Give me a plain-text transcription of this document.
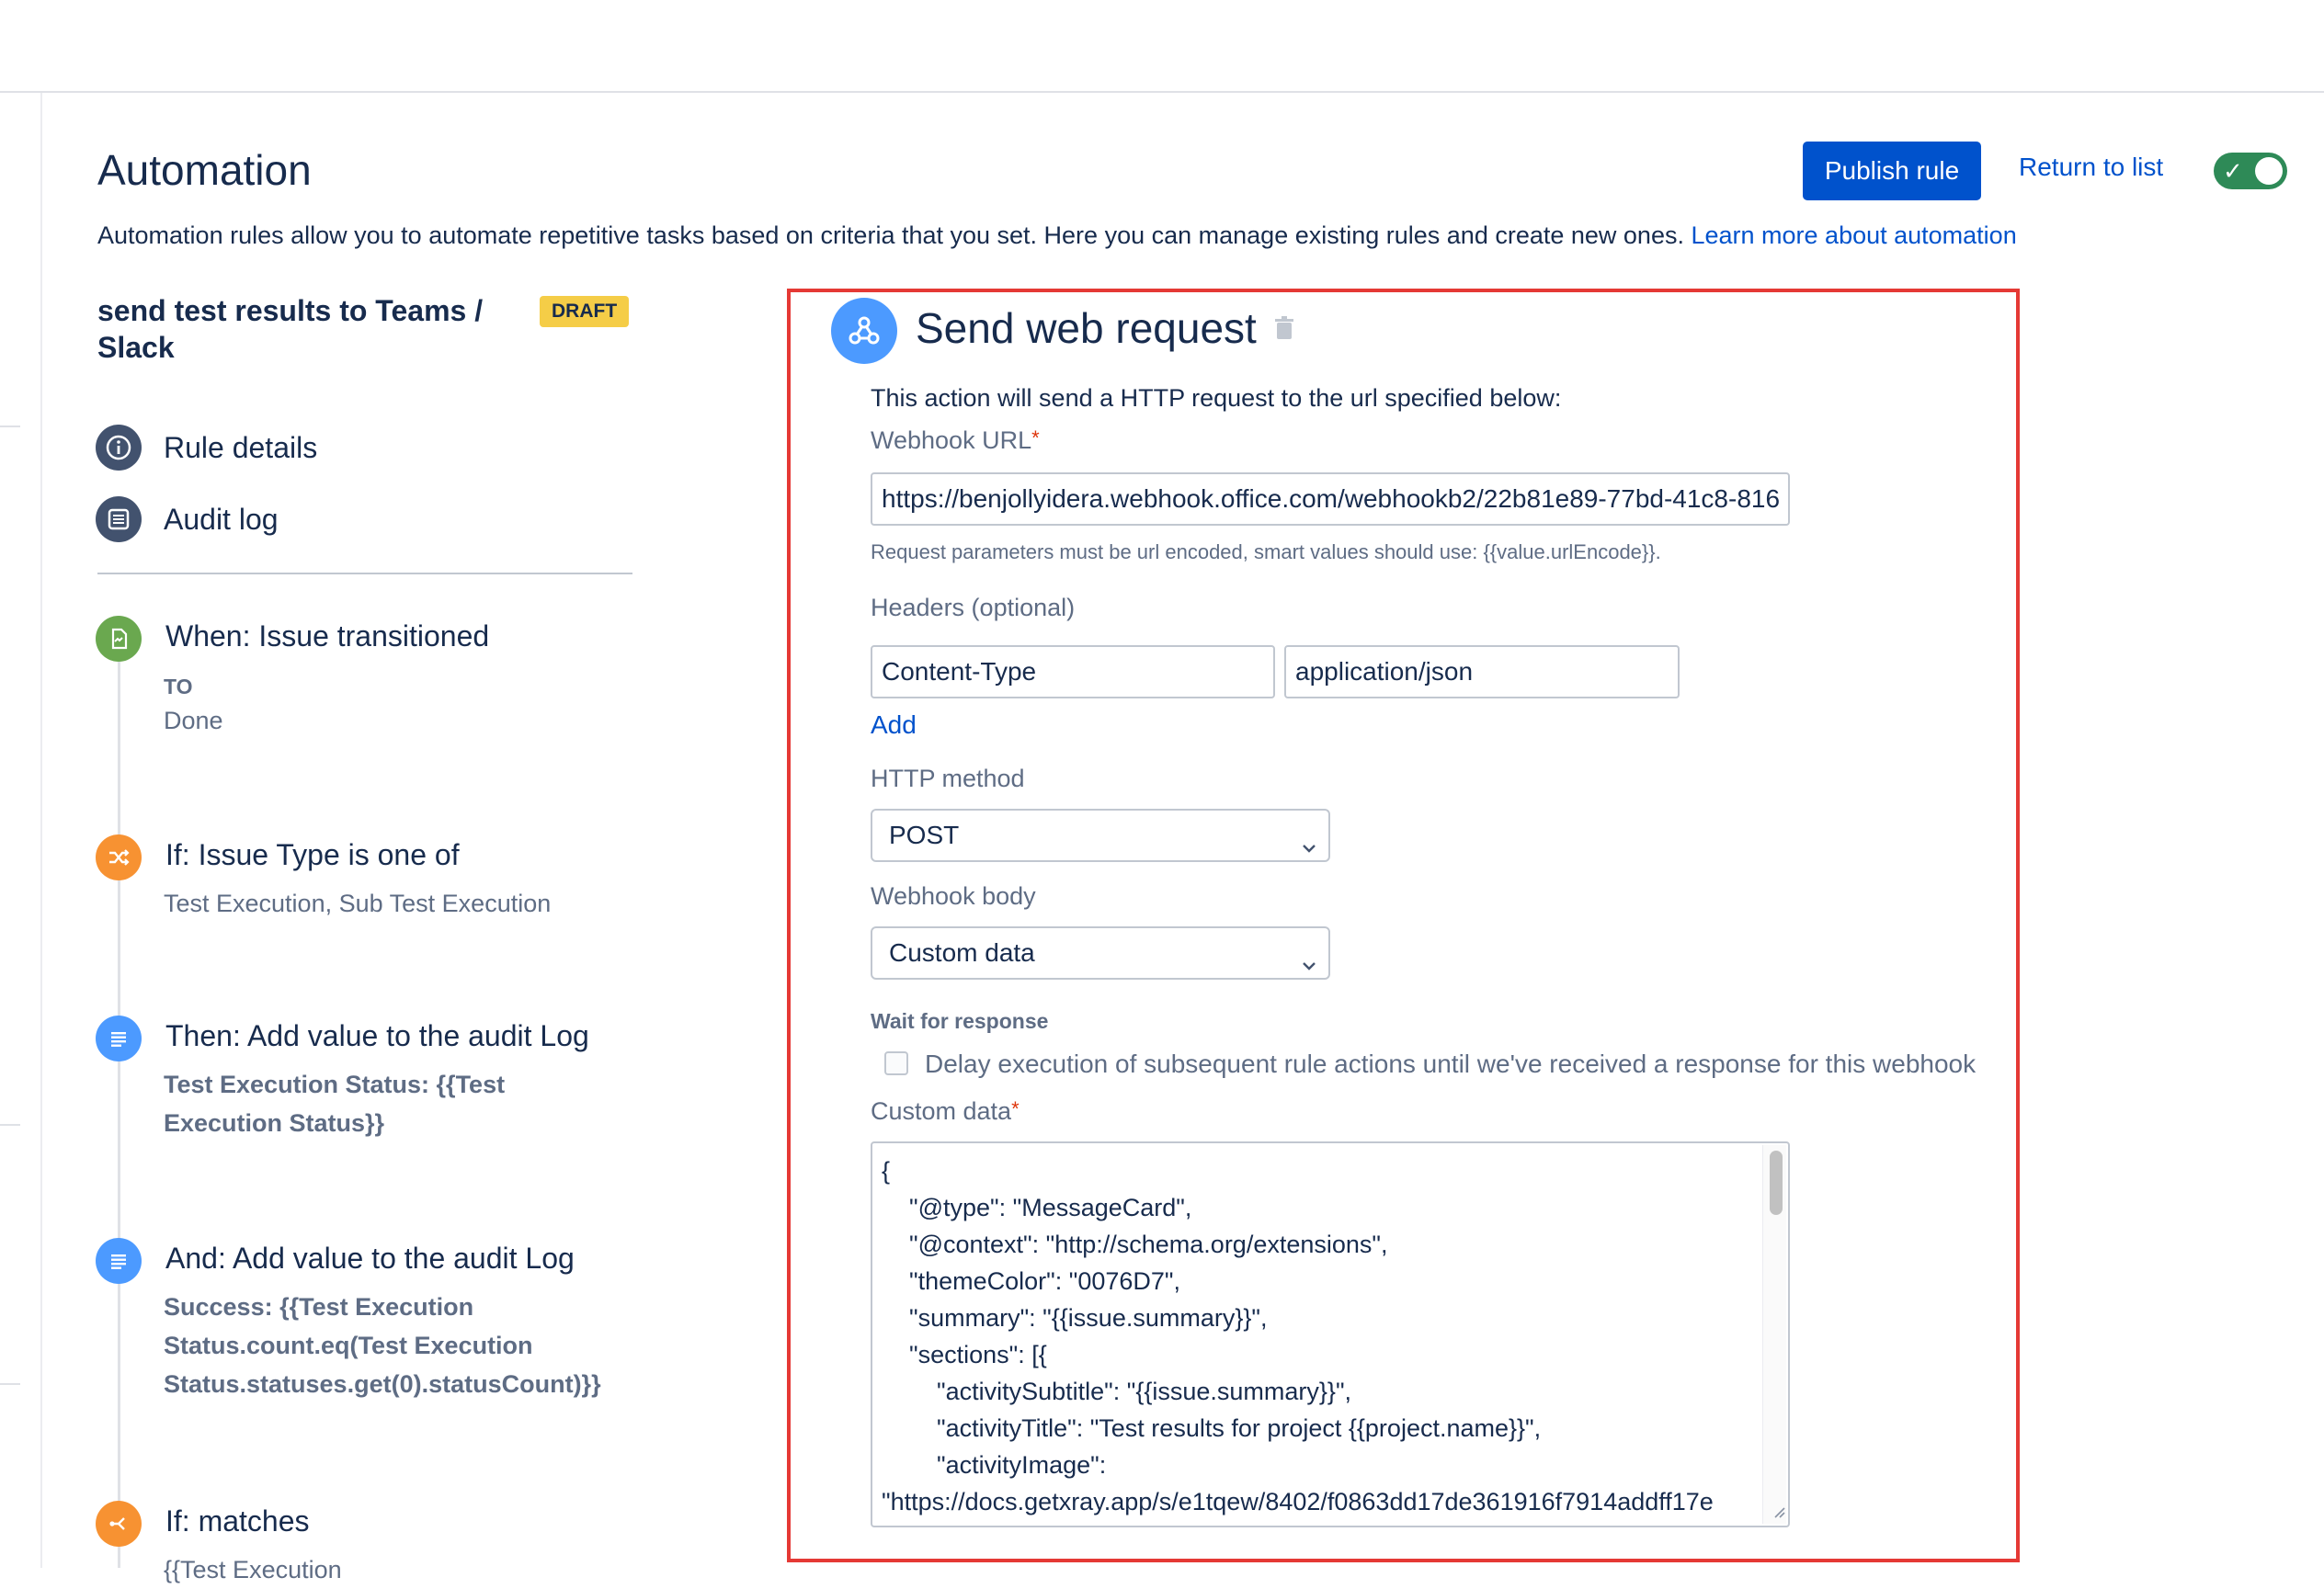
Automation

Automation rules allow you to automate repetitive tasks based on criteria that you set. Here you can manage existing rules and create new ones. Learn more about automation

Publish rule	Return to list ✓
send test results to Teams / Slack
DRAFT
Rule details
Audit log
When: Issue transitioned
TO
Done
If: Issue Type is one of
Test Execution, Sub Test Execution
Then: Add value to the audit Log
Test Execution Status: {{Test Execution Status}}
And: Add value to the audit Log
Success: {{Test Execution Status.count.eq(Test Execution Status.statuses.get(0).statusCount)}}
If: matches
{{Test Execution
Send web request
This action will send a HTTP request to the url specified below:
Webhook URL*
https://benjollyidera.webhook.office.com/webhookb2/22b81e89-77bd-41c8-816
Request parameters must be url encoded, smart values should use: {{value.urlEncode}}.
Headers (optional)
Content-Type	application/json
Add
HTTP method
POST
Webhook body
Custom data
Wait for response
Delay execution of subsequent rule actions until we've received a response for this webhook
Custom data*
{
"@type": "MessageCard",
"@context": "http://schema.org/extensions",
"themeColor": "0076D7",
"summary": "{{issue.summary}}",
"sections": [{
"activitySubtitle": "{{issue.summary}}",
"activityTitle": "Test results for project {{project.name}}",
"activityImage":
"https://docs.getxray.app/s/e1tqew/8402/f0863dd17de361916f7914addff17e
